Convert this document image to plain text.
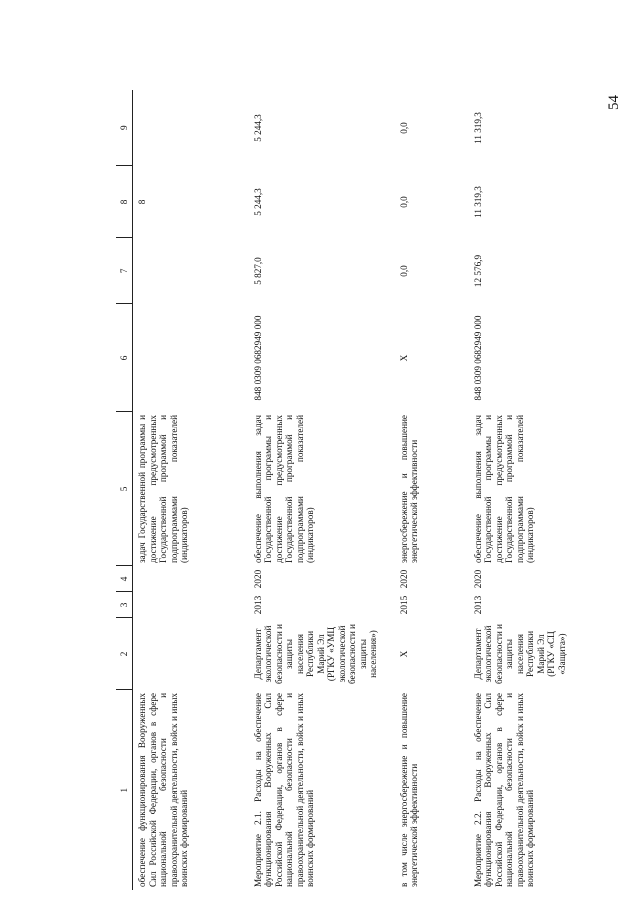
54
1	2	3	4	5	6	7	8	9
обеспечение функционирования Вооруженных Сил Российской Федерации, органов в сфере национальной безопасности и правоохранительной деятельности, войск и иных воинских формирований				задач Государственной программы и достижение предусмотренных Государственной программой и подпрограммами показателей (индикаторов)			8	
Мероприятие 2.1. Расходы на обеспечение функционирования Вооруженных Сил Российской Федерации, органов в сфере национальной безопасности и правоохранительной деятельности, войск и иных воинских формирований	Департамент экологической безопасности и защиты населения Республики Марий Эл (РГКУ «УМЦ экологической безопасности и защиты населения»)	2013	2020	обеспечение выполнения задач Государственной программы и достижение предусмотренных Государственной программой и подпрограммами показателей (индикаторов)	848 0309 0682949 000	5 827,0	5 244,3	5 244,3
в том числе энергосбережение и повышение энергетической эффективности	X	2015	2020	энергосбережение и повышение энергетической эффективности	X	0,0	0,0	0,0
Мероприятие 2.2. Расходы на обеспечение функционирования Вооруженных Сил Российской Федерации, органов в сфере национальной безопасности и правоохранительной деятельности, войск и иных воинских формирований	Департамент экологической безопасности и защиты населения Республики Марий Эл (РГКУ «СЦ «Защита»)	2013	2020	обеспечение выполнения задач Государственной программы и достижение предусмотренных Государственной программой и подпрограммами показателей (индикаторов)	848 0309 0682949 000	12 576,9	11 319,3	11 319,3
